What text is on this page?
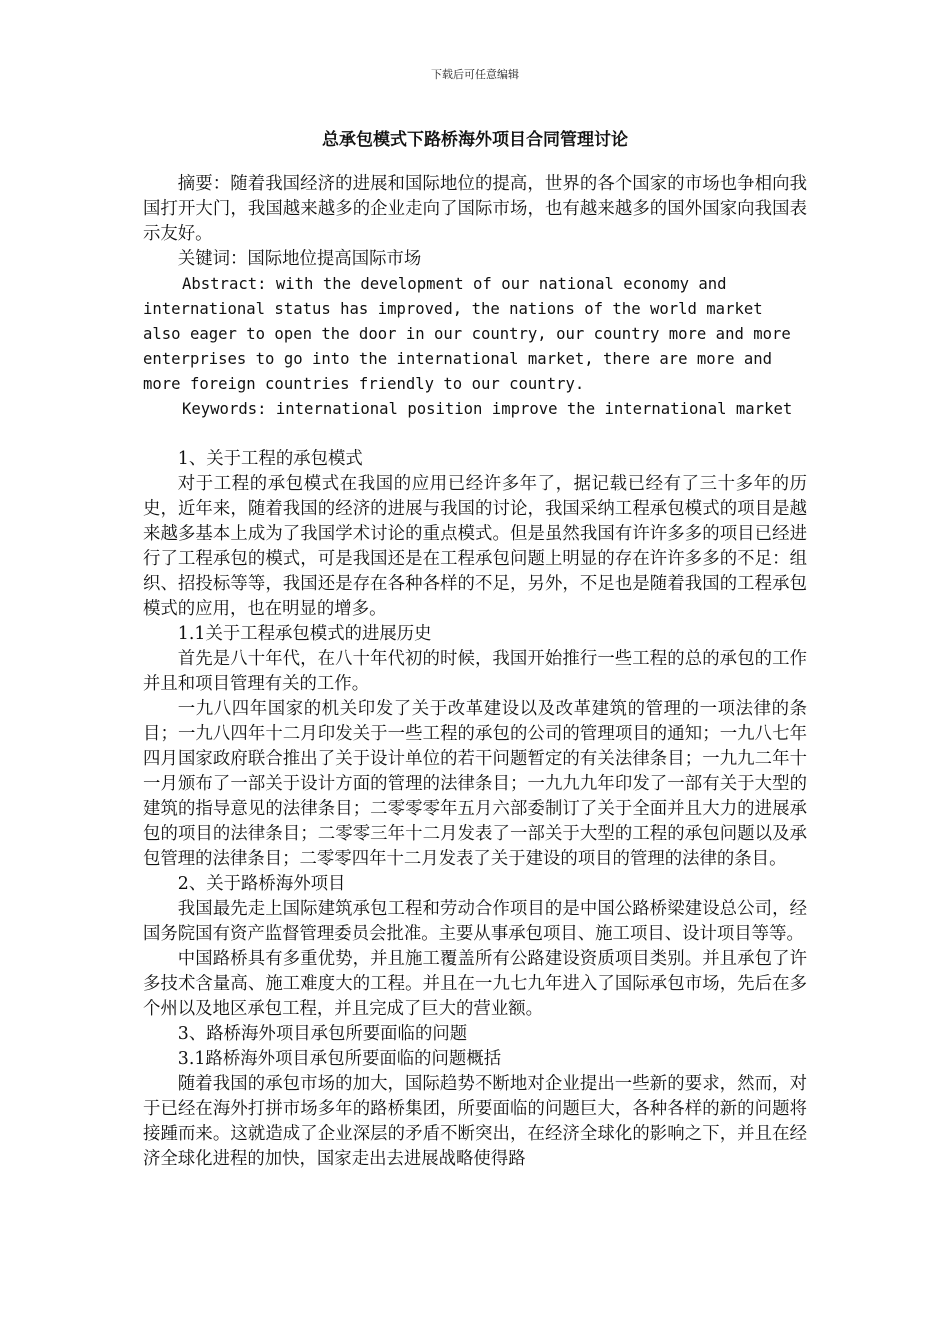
下载后可任意编辑
总承包模式下路桥海外项目合同管理讨论

摘要：随着我国经济的进展和国际地位的提高，世界的各个国家的市场也争相向我国打开大门，我国越来越多的企业走向了国际市场，也有越来越多的国外国家向我国表示友好。

关键词：国际地位提高国际市场

Abstract: with the development of our national economy and international status has improved, the nations of the world market also eager to open the door in our country, our country more and more enterprises to go into the international market, there are more and more foreign countries friendly to our country.

Keywords: international position improve the international market

1、关于工程的承包模式

对于工程的承包模式在我国的应用已经许多年了，据记载已经有了三十多年的历史，近年来，随着我国的经济的进展与我国的讨论，我国采纳工程承包模式的项目是越来越多基本上成为了我国学术讨论的重点模式。但是虽然我国有许许多多的项目已经进行了工程承包的模式，可是我国还是在工程承包问题上明显的存在许许多多的不足：组织、招投标等等，我国还是存在各种各样的不足，另外，不足也是随着我国的工程承包模式的应用，也在明显的增多。

1.1关于工程承包模式的进展历史

首先是八十年代，在八十年代初的时候，我国开始推行一些工程的总的承包的工作并且和项目管理有关的工作。

一九八四年国家的机关印发了关于改革建设以及改革建筑的管理的一项法律的条目；一九八四年十二月印发关于一些工程的承包的公司的管理项目的通知；一九八七年四月国家政府联合推出了关于设计单位的若干问题暂定的有关法律条目；一九九二年十一月颁布了一部关于设计方面的管理的法律条目；一九九九年印发了一部有关于大型的建筑的指导意见的法律条目；二零零零年五月六部委制订了关于全面并且大力的进展承包的项目的法律条目；二零零三年十二月发表了一部关于大型的工程的承包问题以及承包管理的法律条目；二零零四年十二月发表了关于建设的项目的管理的法律的条目。

2、关于路桥海外项目

我国最先走上国际建筑承包工程和劳动合作项目的是中国公路桥梁建设总公司，经国务院国有资产监督管理委员会批准。主要从事承包项目、施工项目、设计项目等等。

中国路桥具有多重优势，并且施工覆盖所有公路建设资质项目类别。并且承包了许多技术含量高、施工难度大的工程。并且在一九七九年进入了国际承包市场，先后在多个州以及地区承包工程，并且完成了巨大的营业额。

3、路桥海外项目承包所要面临的问题

3.1路桥海外项目承包所要面临的问题概括

随着我国的承包市场的加大，国际趋势不断地对企业提出一些新的要求，然而，对于已经在海外打拼市场多年的路桥集团，所要面临的问题巨大，各种各样的新的问题将接踵而来。这就造成了企业深层的矛盾不断突出，在经济全球化的影响之下，并且在经济全球化进程的加快，国家走出去进展战略使得路
